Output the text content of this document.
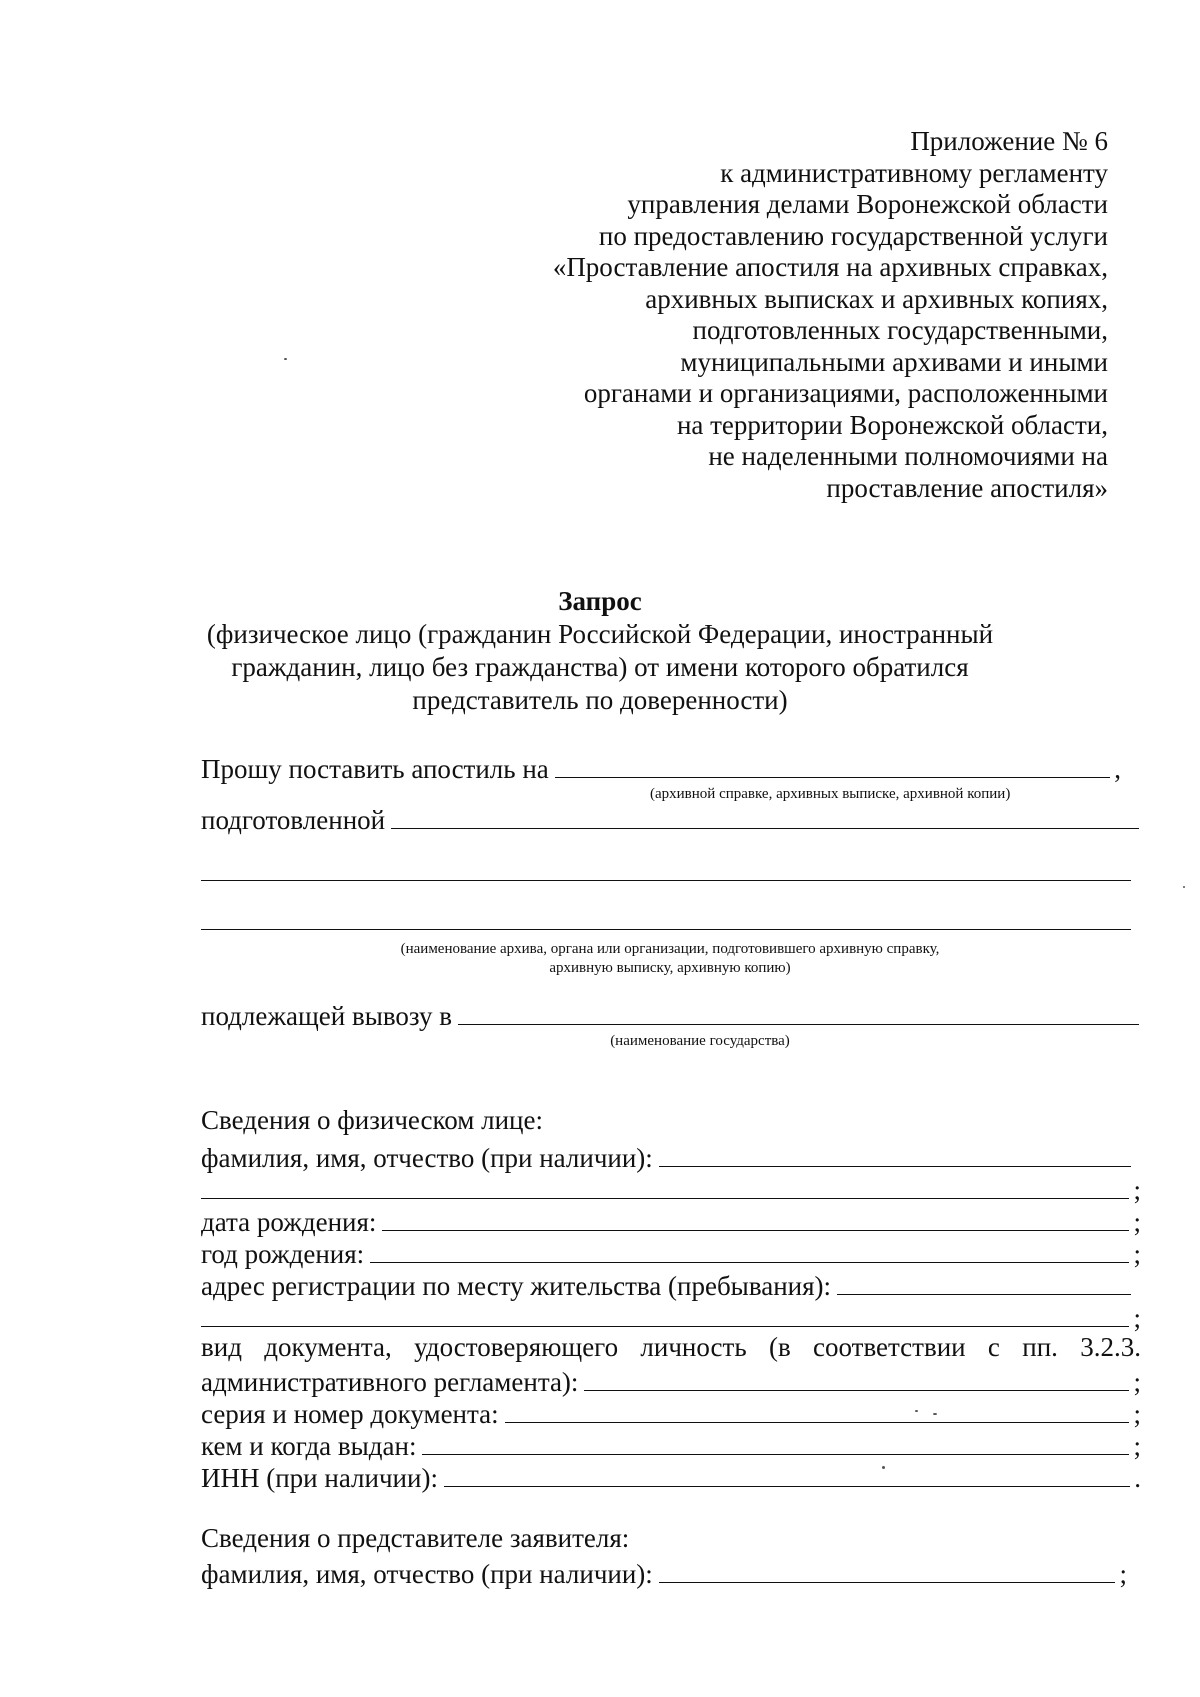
Приложение № 6
к административному регламенту
управления делами Воронежской области
по предоставлению государственной услуги
«Проставление апостиля на архивных справках,
архивных выписках и архивных копиях,
подготовленных государственными,
муниципальными архивами и иными
органами и организациями, расположенными
на территории Воронежской области,
не наделенными полномочиями на
проставление апостиля»
Запрос
(физическое лицо (гражданин Российской Федерации, иностранный гражданин, лицо без гражданства) от имени которого обратился представитель по доверенности)
Прошу поставить апостиль на	,
(архивной справке, архивных выписке, архивной копии)
подготовленной
(наименование архива, органа или организации, подготовившего архивную справку,
архивную выписку, архивную копию)
подлежащей вывозу в
(наименование государства)
Сведения о физическом лице:
фамилия, имя, отчество (при наличии):
;
дата рождения:	;
год рождения:	;
адрес регистрации по месту жительства (пребывания):
;
вид документа, удостоверяющего личность (в соответствии с пп. 3.2.3.
административного регламента):	;
серия и номер документа:	;
кем и когда выдан:	;
ИНН (при наличии):	.
Сведения о представителе заявителя:
фамилия, имя, отчество (при наличии):	;
